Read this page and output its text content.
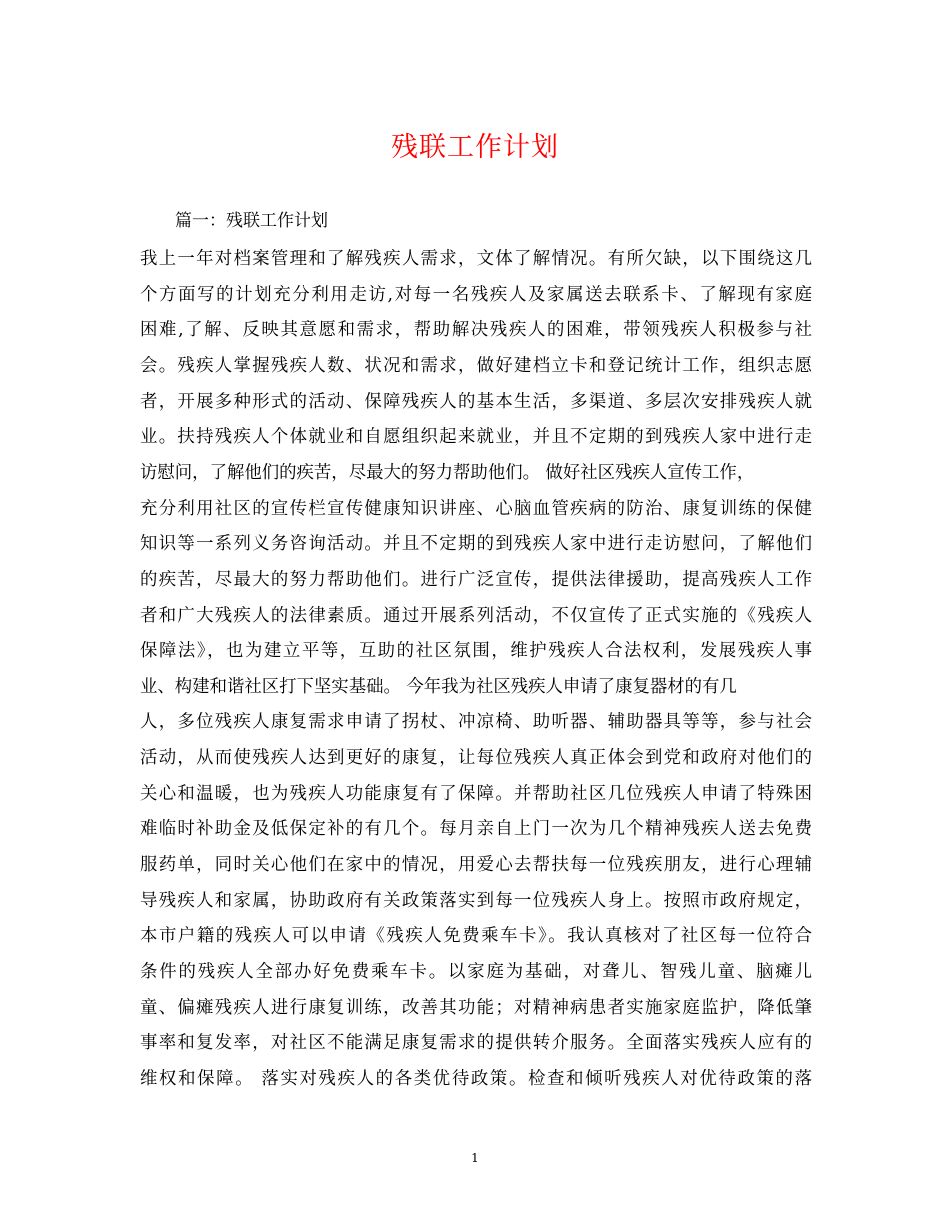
残联工作计划
篇一：残联工作计划
我上一年对档案管理和了解残疾人需求，文体了解情况。有所欠缺，以下围绕这几
个方面写的计划充分利用走访,对每一名残疾人及家属送去联系卡、了解现有家庭
困难,了解、反映其意愿和需求，帮助解决残疾人的困难，带领残疾人积极参与社
会。残疾人掌握残疾人数、状况和需求，做好建档立卡和登记统计工作，组织志愿
者，开展多种形式的活动、保障残疾人的基本生活，多渠道、多层次安排残疾人就
业。扶持残疾人个体就业和自愿组织起来就业，并且不定期的到残疾人家中进行走
访慰问，了解他们的疾苦，尽最大的努力帮助他们。 做好社区残疾人宣传工作，
充分利用社区的宣传栏宣传健康知识讲座、心脑血管疾病的防治、康复训练的保健
知识等一系列义务咨询活动。并且不定期的到残疾人家中进行走访慰问，了解他们
的疾苦，尽最大的努力帮助他们。进行广泛宣传，提供法律援助，提高残疾人工作
者和广大残疾人的法律素质。通过开展系列活动，不仅宣传了正式实施的《残疾人
保障法》，也为建立平等，互助的社区氛围，维护残疾人合法权利，发展残疾人事
业、构建和谐社区打下坚实基础。 今年我为社区残疾人申请了康复器材的有几
人，多位残疾人康复需求申请了拐杖、冲凉椅、助听器、辅助器具等等，参与社会
活动，从而使残疾人达到更好的康复，让每位残疾人真正体会到党和政府对他们的
关心和温暖，也为残疾人功能康复有了保障。并帮助社区几位残疾人申请了特殊困
难临时补助金及低保定补的有几个。每月亲自上门一次为几个精神残疾人送去免费
服药单，同时关心他们在家中的情况，用爱心去帮扶每一位残疾朋友，进行心理辅
导残疾人和家属，协助政府有关政策落实到每一位残疾人身上。按照市政府规定，
本市户籍的残疾人可以申请《残疾人免费乘车卡》。我认真核对了社区每一位符合
条件的残疾人全部办好免费乘车卡。以家庭为基础，对聋儿、智残儿童、脑瘫儿
童、偏瘫残疾人进行康复训练，改善其功能；对精神病患者实施家庭监护，降低肇
事率和复发率，对社区不能满足康复需求的提供转介服务。全面落实残疾人应有的
维权和保障。 落实对残疾人的各类优待政策。检查和倾听残疾人对优待政策的落
1
